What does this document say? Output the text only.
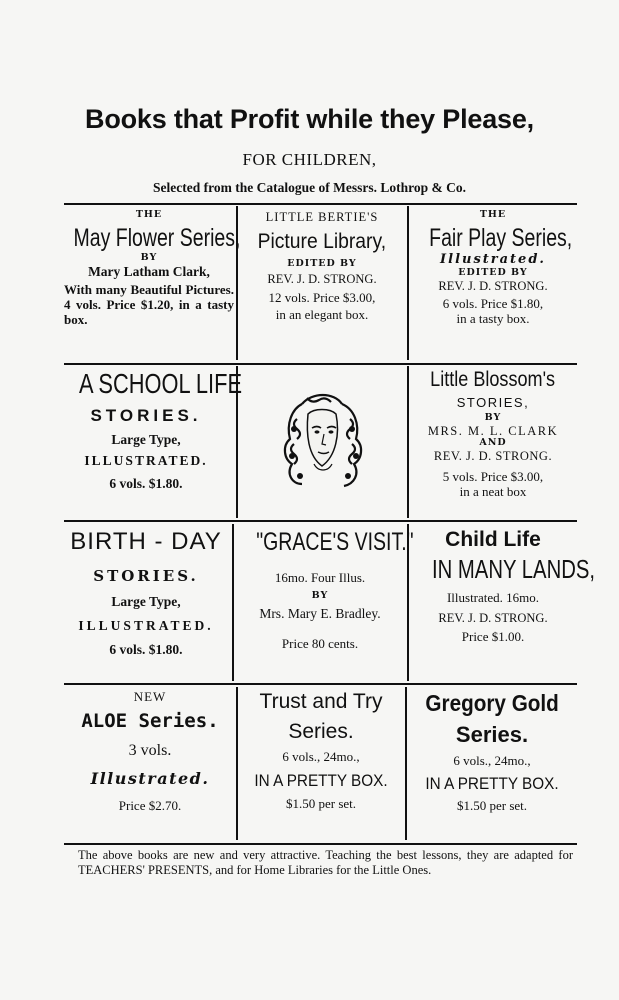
Books that Profit while they Please,
FOR CHILDREN,
Selected from the Catalogue of Messrs. Lothrop & Co.
THE
May Flower Series,
BY
Mary Latham Clark,
With many Beautiful Pictures. 4 vols. Price $1.20, in a tasty box.
LITTLE BERTIE'S
Picture Library,
EDITED BY
REV. J. D. STRONG.
12 vols. Price $3.00,
in an elegant box.
THE
Fair Play Series,
Illustrated.
EDITED BY
REV. J. D. STRONG.
6 vols. Price $1.80,
in a tasty box.
A SCHOOL LIFE
STORIES.
Large Type,
ILLUSTRATED.
6 vols. $1.80.
Little Blossom's
STORIES,
BY
MRS. M. L. CLARK
AND
REV. J. D. STRONG.
5 vols. Price $3.00,
in a neat box
BIRTH - DAY
STORIES.
Large Type,
ILLUSTRATED.
6 vols. $1.80.
"GRACE'S VISIT."
16mo. Four Illus.
BY
Mrs. Mary E. Bradley.
Price 80 cents.
Child Life
IN MANY LANDS,
Illustrated. 16mo.
REV. J. D. STRONG.
Price $1.00.
NEW
ALOE Series.
3 vols.
Illustrated.
Price $2.70.
Trust and Try
Series.
6 vols., 24mo.,
IN A PRETTY BOX.
$1.50 per set.
Gregory Gold
Series.
6 vols., 24mo.,
IN A PRETTY BOX.
$1.50 per set.
The above books are new and very attractive. Teaching the best lessons, they are adapted for TEACHERS' PRESENTS, and for Home Libraries for the Little Ones.
